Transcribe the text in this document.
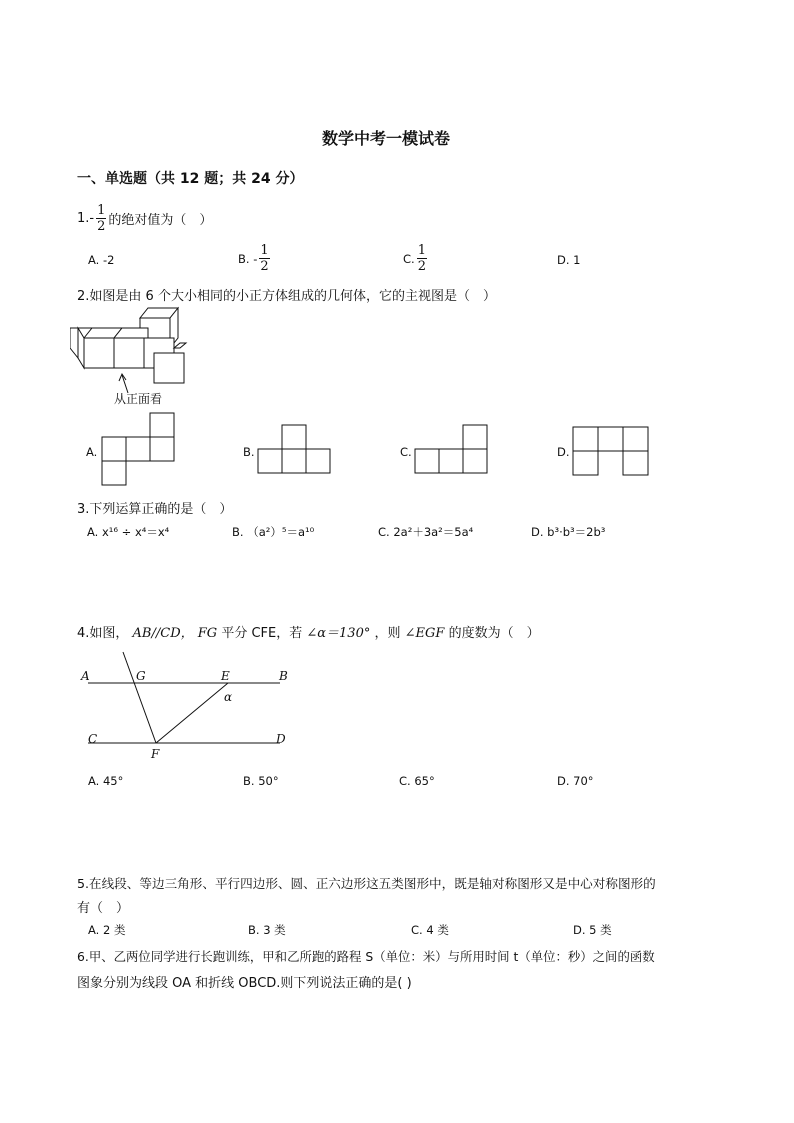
数学中考一模试卷
一、单选题（共 12 题；共 24 分）
$1.- \frac{1}{2}$ 的绝对值为（　）
A. -2	B. - $\frac{1}{2}$	C. $\frac{1}{2}$	D. 1
2.如图是由 6 个大小相同的小正方体组成的几何体，它的主视图是（　）
从正面看
A.	B.	C.	D.
3.下列运算正确的是（　）
A. x¹⁶ ÷ x⁴＝x⁴	B. （a²）⁵＝a¹⁰	C. 2a²＋3a²＝5a⁴	D. b³·b³＝2b³
4.如图， AB//CD， FG 平分 CFE，若 ∠α＝130° ，则 ∠EGF 的度数为（　）
A	G	E	B
α
C
F
D
A. 45°	B. 50°	C. 65°	D. 70°
5.在线段、等边三角形、平行四边形、圆、正六边形这五类图形中，既是轴对称图形又是中心对称图形的
有（　）
A. 2 类	B. 3 类	C. 4 类	D. 5 类
6.甲、乙两位同学进行长跑训练，甲和乙所跑的路程 S（单位：米）与所用时间 t（单位：秒）之间的函数
图象分别为线段 OA 和折线 OBCD.则下列说法正确的是( )
